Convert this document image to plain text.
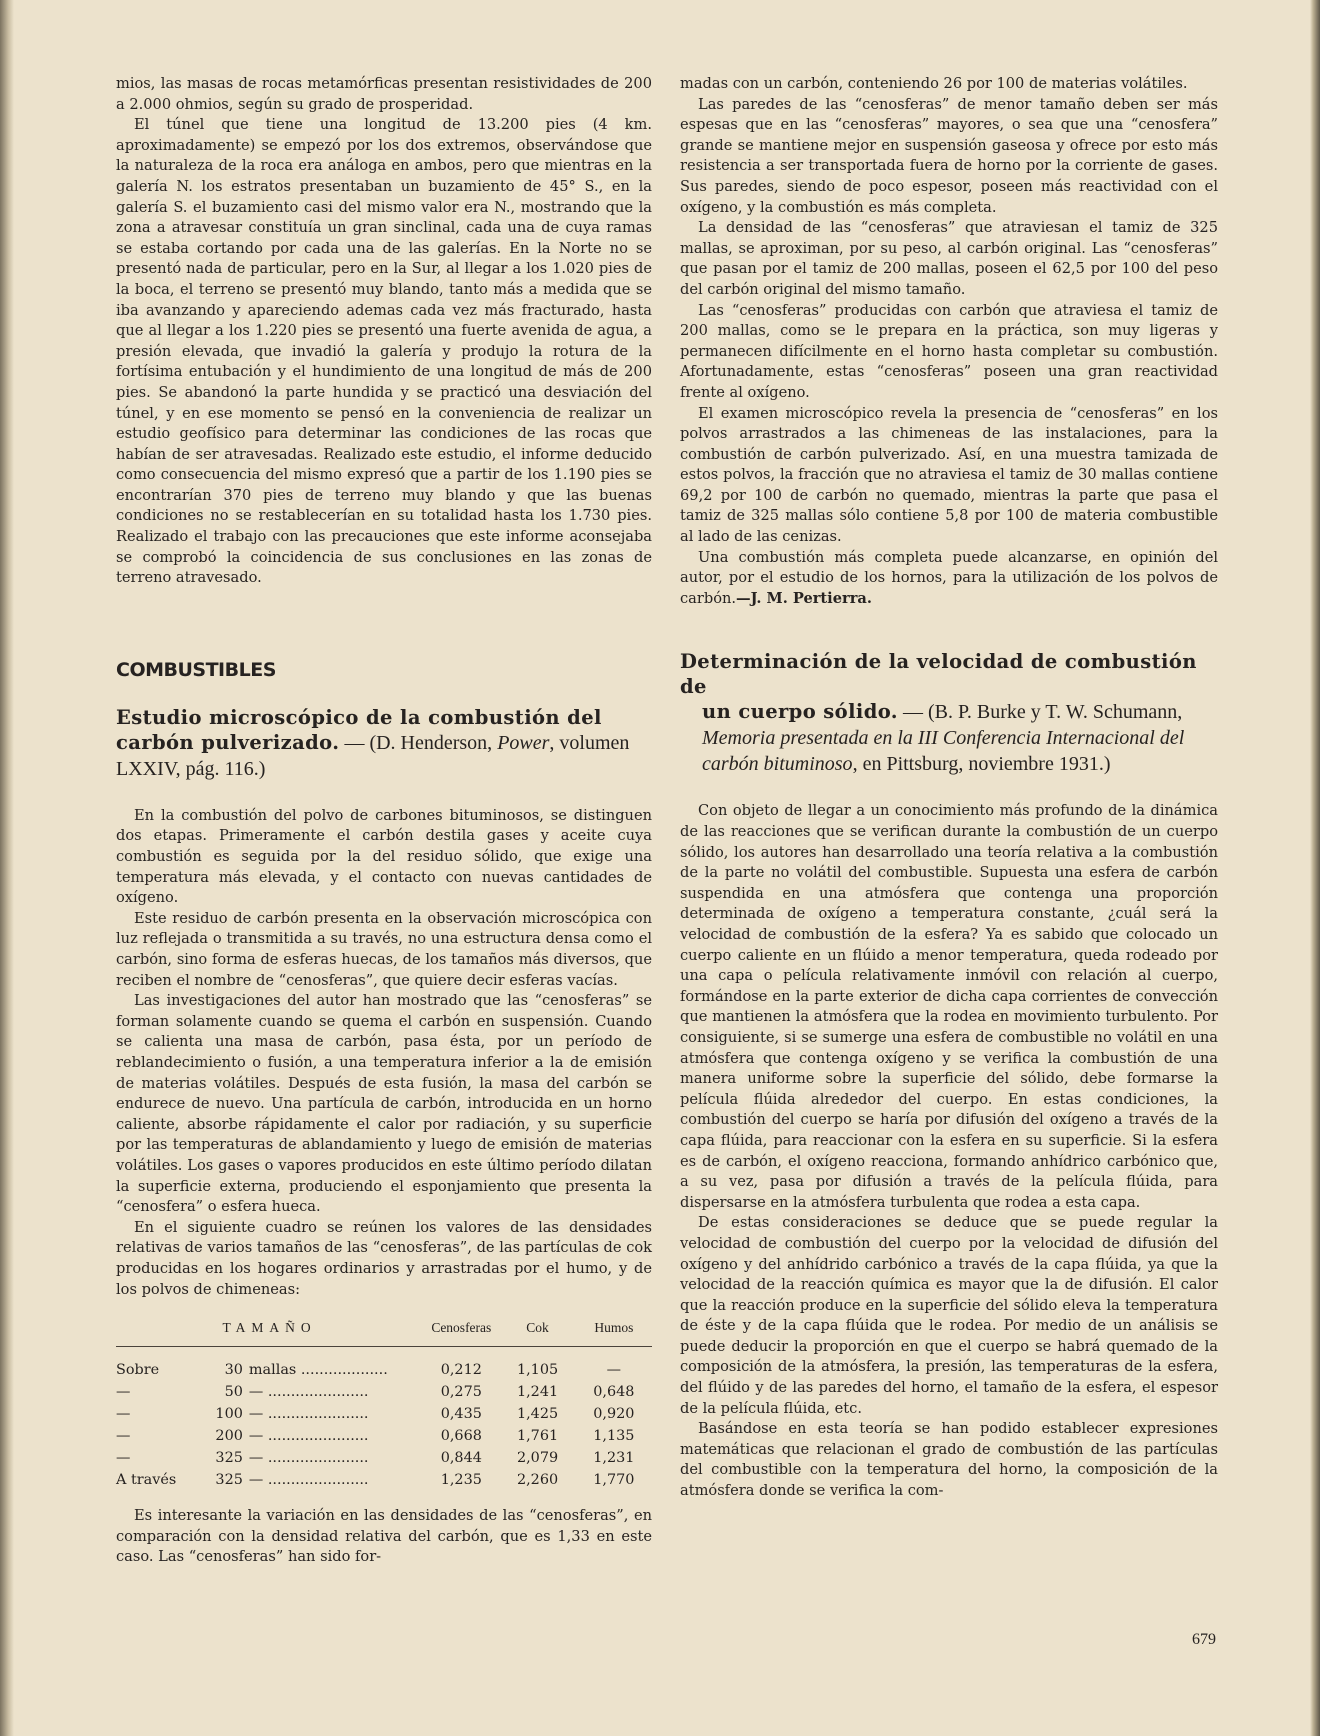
mios, las masas de rocas metamórficas presentan resistividades de 200 a 2.000 ohmios, según su grado de prosperidad.

El túnel que tiene una longitud de 13.200 pies (4 km. aproximadamente) se empezó por los dos extremos, observándose que la naturaleza de la roca era análoga en ambos, pero que mientras en la galería N. los estratos presentaban un buzamiento de 45° S., en la galería S. el buzamiento casi del mismo valor era N., mostrando que la zona a atravesar constituía un gran sinclinal, cada una de cuya ramas se estaba cortando por cada una de las galerías. En la Norte no se presentó nada de particular, pero en la Sur, al llegar a los 1.020 pies de la boca, el terreno se presentó muy blando, tanto más a medida que se iba avanzando y apareciendo ademas cada vez más fracturado, hasta que al llegar a los 1.220 pies se presentó una fuerte avenida de agua, a presión elevada, que invadió la galería y produjo la rotura de la fortísima entubación y el hundimiento de una longitud de más de 200 pies. Se abandonó la parte hundida y se practicó una desviación del túnel, y en ese momento se pensó en la conveniencia de realizar un estudio geofísico para determinar las condiciones de las rocas que habían de ser atravesadas. Realizado este estudio, el informe deducido como consecuencia del mismo expresó que a partir de los 1.190 pies se encontrarían 370 pies de terreno muy blando y que las buenas condiciones no se restablecerían en su totalidad hasta los 1.730 pies. Realizado el trabajo con las precauciones que este informe aconsejaba se comprobó la coincidencia de sus conclusiones en las zonas de terreno atravesado.

COMBUSTIBLES
Estudio microscópico de la combustión del carbón pulverizado. — (D. Henderson, Power, volumen LXXIV, pág. 116.)

En la combustión del polvo de carbones bituminosos, se distinguen dos etapas. Primeramente el carbón destila gases y aceite cuya combustión es seguida por la del residuo sólido, que exige una temperatura más elevada, y el contacto con nuevas cantidades de oxígeno.

Este residuo de carbón presenta en la observación microscópica con luz reflejada o transmitida a su través, no una estructura densa como el carbón, sino forma de esferas huecas, de los tamaños más diversos, que reciben el nombre de “cenosferas”, que quiere decir esferas vacías.

Las investigaciones del autor han mostrado que las “cenosferas” se forman solamente cuando se quema el carbón en suspensión. Cuando se calienta una masa de carbón, pasa ésta, por un período de reblandecimiento o fusión, a una temperatura inferior a la de emisión de materias volátiles. Después de esta fusión, la masa del carbón se endurece de nuevo. Una partícula de carbón, introducida en un horno caliente, absorbe rápidamente el calor por radiación, y su superficie por las temperaturas de ablandamiento y luego de emisión de materias volátiles. Los gases o vapores producidos en este último período dilatan la superficie externa, produciendo el esponjamiento que presenta la “cenosfera” o esfera hueca.

En el siguiente cuadro se reúnen los valores de las densidades relativas de varios tamaños de las “cenosferas”, de las partículas de cok producidas en los hogares ordinarios y arrastradas por el humo, y de los polvos de chimeneas:

TAMAÑO			Cenosferas	Cok	Humos
Sobre	30	mallas ...................	0,212	1,105	—
—	50	— ......................	0,275	1,241	0,648
—	100	— ......................	0,435	1,425	0,920
—	200	— ......................	0,668	1,761	1,135
—	325	— ......................	0,844	2,079	1,231
A través	325	— ......................	1,235	2,260	1,770

Es interesante la variación en las densidades de las “cenosferas”, en comparación con la densidad relativa del carbón, que es 1,33 en este caso. Las “cenosferas” han sido for-

madas con un carbón, conteniendo 26 por 100 de materias volátiles.

Las paredes de las “cenosferas” de menor tamaño deben ser más espesas que en las “cenosferas” mayores, o sea que una “cenosfera” grande se mantiene mejor en suspensión gaseosa y ofrece por esto más resistencia a ser transportada fuera de horno por la corriente de gases. Sus paredes, siendo de poco espesor, poseen más reactividad con el oxígeno, y la combustión es más completa.

La densidad de las “cenosferas” que atraviesan el tamiz de 325 mallas, se aproximan, por su peso, al carbón original. Las “cenosferas” que pasan por el tamiz de 200 mallas, poseen el 62,5 por 100 del peso del carbón original del mismo tamaño.

Las “cenosferas” producidas con carbón que atraviesa el tamiz de 200 mallas, como se le prepara en la práctica, son muy ligeras y permanecen difícilmente en el horno hasta completar su combustión. Afortunadamente, estas “cenosferas” poseen una gran reactividad frente al oxígeno.

El examen microscópico revela la presencia de “cenosferas” en los polvos arrastrados a las chimeneas de las instalaciones, para la combustión de carbón pulverizado. Así, en una muestra tamizada de estos polvos, la fracción que no atraviesa el tamiz de 30 mallas contiene 69,2 por 100 de carbón no quemado, mientras la parte que pasa el tamiz de 325 mallas sólo contiene 5,8 por 100 de materia combustible al lado de las cenizas.

Una combustión más completa puede alcanzarse, en opinión del autor, por el estudio de los hornos, para la utilización de los polvos de carbón.—J. M. Pertierra.

Determinación de la velocidad de combustión de
un cuerpo sólido. — (B. P. Burke y T. W. Schumann, Memoria presentada en la III Conferencia Internacional del carbón bituminoso, en Pittsburg, noviembre 1931.)

Con objeto de llegar a un conocimiento más profundo de la dinámica de las reacciones que se verifican durante la combustión de un cuerpo sólido, los autores han desarrollado una teoría relativa a la combustión de la parte no volátil del combustible. Supuesta una esfera de carbón suspendida en una atmósfera que contenga una proporción determinada de oxígeno a temperatura constante, ¿cuál será la velocidad de combustión de la esfera? Ya es sabido que colocado un cuerpo caliente en un flúido a menor temperatura, queda rodeado por una capa o película relativamente inmóvil con relación al cuerpo, formándose en la parte exterior de dicha capa corrientes de convección que mantienen la atmósfera que la rodea en movimiento turbulento. Por consiguiente, si se sumerge una esfera de combustible no volátil en una atmósfera que contenga oxígeno y se verifica la combustión de una manera uniforme sobre la superficie del sólido, debe formarse la película flúida alrededor del cuerpo. En estas condiciones, la combustión del cuerpo se haría por difusión del oxígeno a través de la capa flúida, para reaccionar con la esfera en su superficie. Si la esfera es de carbón, el oxígeno reacciona, formando anhídrico carbónico que, a su vez, pasa por difusión a través de la película flúida, para dispersarse en la atmósfera turbulenta que rodea a esta capa.

De estas consideraciones se deduce que se puede regular la velocidad de combustión del cuerpo por la velocidad de difusión del oxígeno y del anhídrido carbónico a través de la capa flúida, ya que la velocidad de la reacción química es mayor que la de difusión. El calor que la reacción produce en la superficie del sólido eleva la temperatura de éste y de la capa flúida que le rodea. Por medio de un análisis se puede deducir la proporción en que el cuerpo se habrá quemado de la composición de la atmósfera, la presión, las temperaturas de la esfera, del flúido y de las paredes del horno, el tamaño de la esfera, el espesor de la película flúida, etc.

Basándose en esta teoría se han podido establecer expresiones matemáticas que relacionan el grado de combustión de las partículas del combustible con la temperatura del horno, la composición de la atmósfera donde se verifica la com-

679
